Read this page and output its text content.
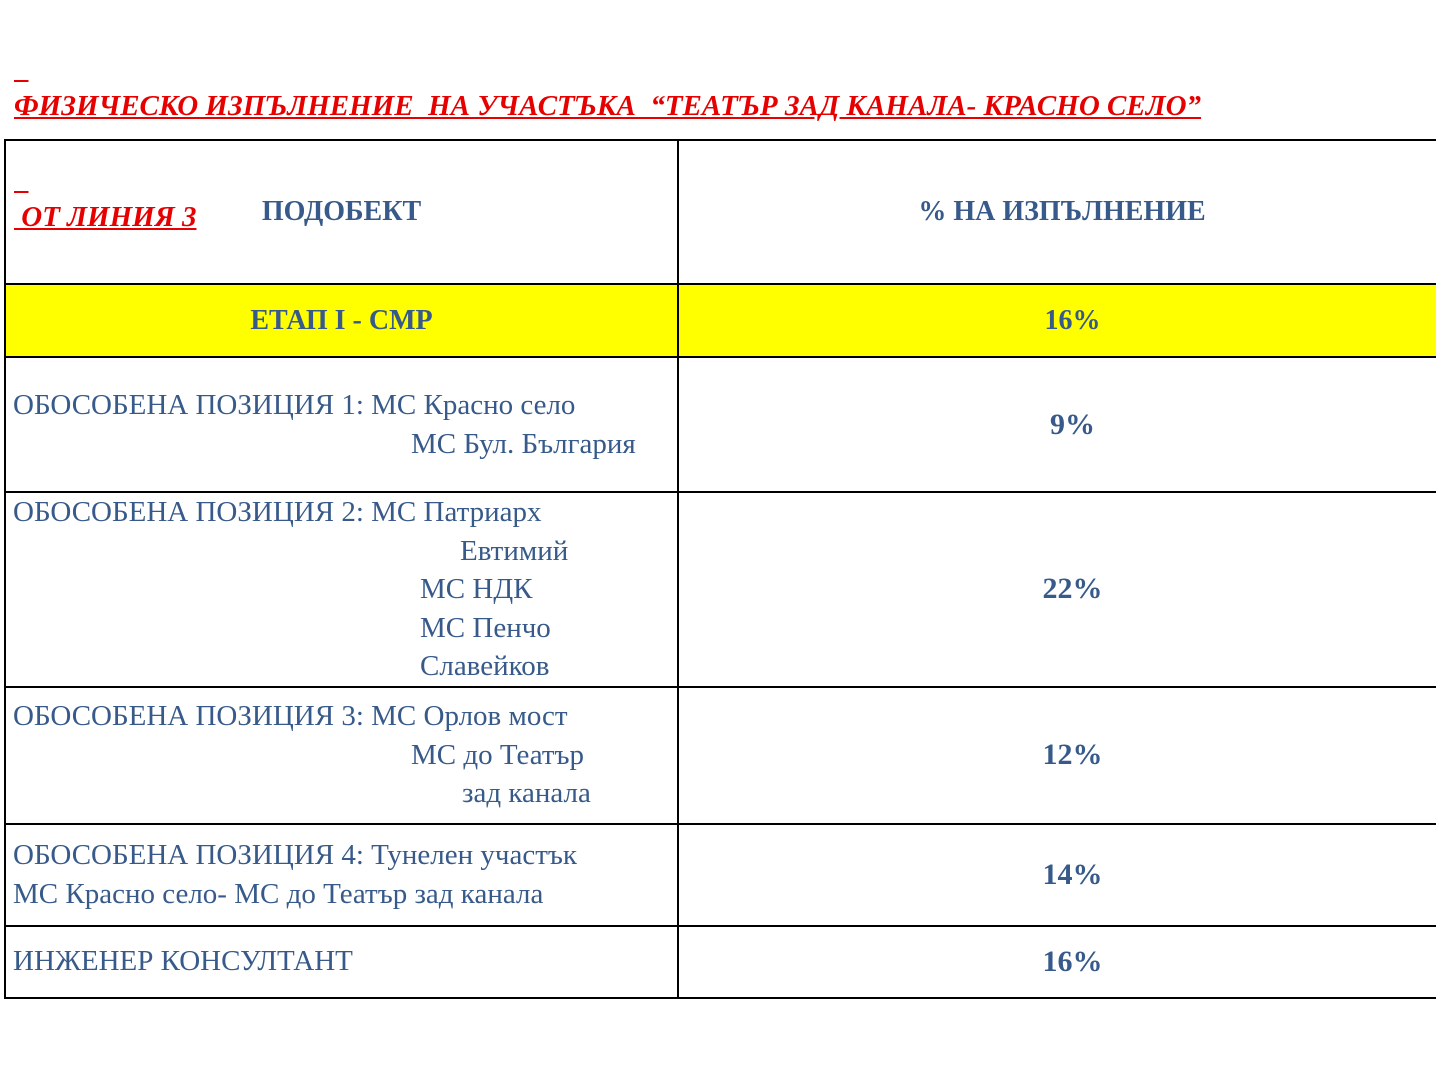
ФИЗИЧЕСКО ИЗПЪЛНЕНИЕ  НА УЧАСТЪКА  “ТЕАТЪР ЗАД КАНАЛА- КРАСНО СЕЛО”

ОТ ЛИНИЯ 3	ПОДОБЕКТ	% НА ИЗПЪЛНЕНИЕ
ЕТАП I - СМР	16%

ОБОСОБЕНА ПОЗИЦИЯ 1: МС Красно село
МС Бул. България	9%

ОБОСОБЕНА ПОЗИЦИЯ 2: МС Патриарх
Евтимий
МС НДК
МС Пенчо
Славейков	22%

ОБОСОБЕНА ПОЗИЦИЯ 3: МС Орлов мост
МС до Театър
зад канала	12%

ОБОСОБЕНА ПОЗИЦИЯ 4: Тунелен участък
МС Красно село- МС до Театър зад канала	14%

ИНЖЕНЕР КОНСУЛТАНТ	16%
